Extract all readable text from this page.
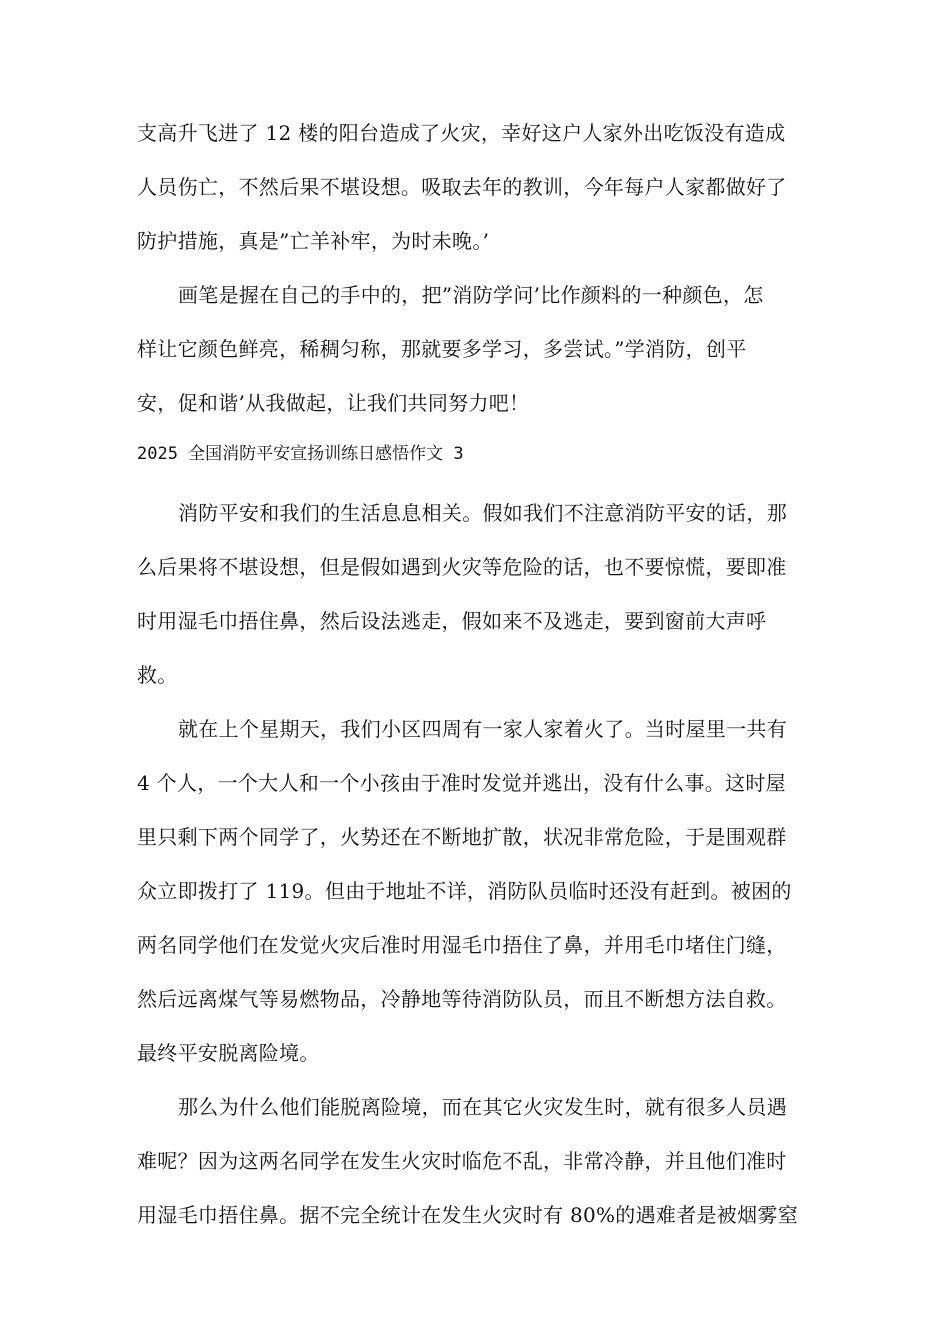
支高升飞进了 12 楼的阳台造成了火灾，幸好这户人家外出吃饭没有造成
人员伤亡，不然后果不堪设想。吸取去年的教训，今年每户人家都做好了
防护措施，真是”亡羊补牢，为时未晚。’
画笔是握在自己的手中的，把”消防学问’比作颜料的一种颜色，怎
样让它颜色鲜亮，稀稠匀称，那就要多学习，多尝试。”学消防，创平
安，促和谐’从我做起，让我们共同努力吧！
2025 全国消防平安宣扬训练日感悟作文 3
消防平安和我们的生活息息相关。假如我们不注意消防平安的话，那
么后果将不堪设想，但是假如遇到火灾等危险的话，也不要惊慌，要即准
时用湿毛巾捂住鼻，然后设法逃走，假如来不及逃走，要到窗前大声呼
救。
就在上个星期天，我们小区四周有一家人家着火了。当时屋里一共有
4 个人，一个大人和一个小孩由于准时发觉并逃出，没有什么事。这时屋
里只剩下两个同学了，火势还在不断地扩散，状况非常危险，于是围观群
众立即拨打了 119。但由于地址不详，消防队员临时还没有赶到。被困的
两名同学他们在发觉火灾后准时用湿毛巾捂住了鼻，并用毛巾堵住门缝，
然后远离煤气等易燃物品，冷静地等待消防队员，而且不断想方法自救。
最终平安脱离险境。
那么为什么他们能脱离险境，而在其它火灾发生时，就有很多人员遇
难呢？因为这两名同学在发生火灾时临危不乱，非常冷静，并且他们准时
用湿毛巾捂住鼻。据不完全统计在发生火灾时有 80%的遇难者是被烟雾窒
